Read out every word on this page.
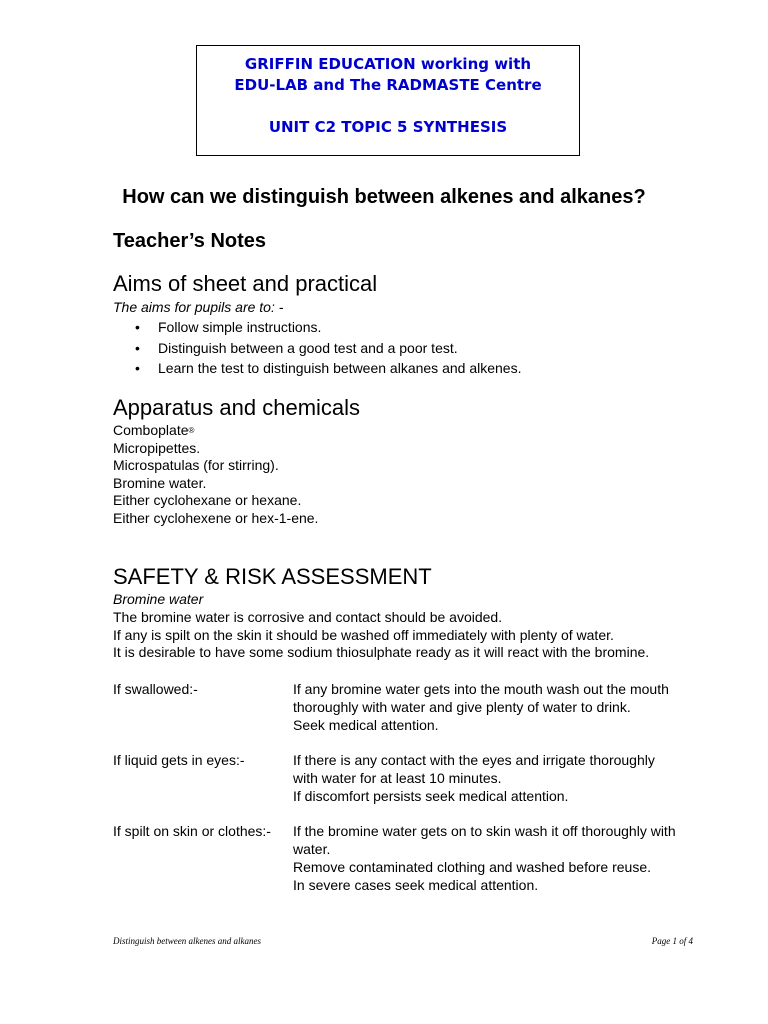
GRIFFIN EDUCATION working with
EDU-LAB and The RADMASTE Centre
UNIT C2 TOPIC 5 SYNTHESIS
How can we distinguish between alkenes and alkanes?
Teacher’s Notes
Aims of sheet and practical
The aims for pupils are to: -
• Follow simple instructions.
• Distinguish between a good test and a poor test.
• Learn the test to distinguish between alkanes and alkenes.
Apparatus and chemicals
Comboplate®
Micropipettes.
Microspatulas (for stirring).
Bromine water.
Either cyclohexane or hexane.
Either cyclohexene or hex-1-ene.
SAFETY & RISK ASSESSMENT
Bromine water
The bromine water is corrosive and contact should be avoided.
If any is spilt on the skin it should be washed off immediately with plenty of water.
It is desirable to have some sodium thiosulphate ready as it will react with the bromine.
If swallowed:-	If any bromine water gets into the mouth wash out the mouth
thoroughly with water and give plenty of water to drink.
Seek medical attention.
If liquid gets in eyes:-	If there is any contact with the eyes and irrigate thoroughly
with water for at least 10 minutes.
If discomfort persists seek medical attention.
If spilt on skin or clothes:-	If the bromine water gets on to skin wash it off thoroughly with
water.
Remove contaminated clothing and washed before reuse.
In severe cases seek medical attention.
Distinguish between alkenes and alkanes	Page 1 of 4
